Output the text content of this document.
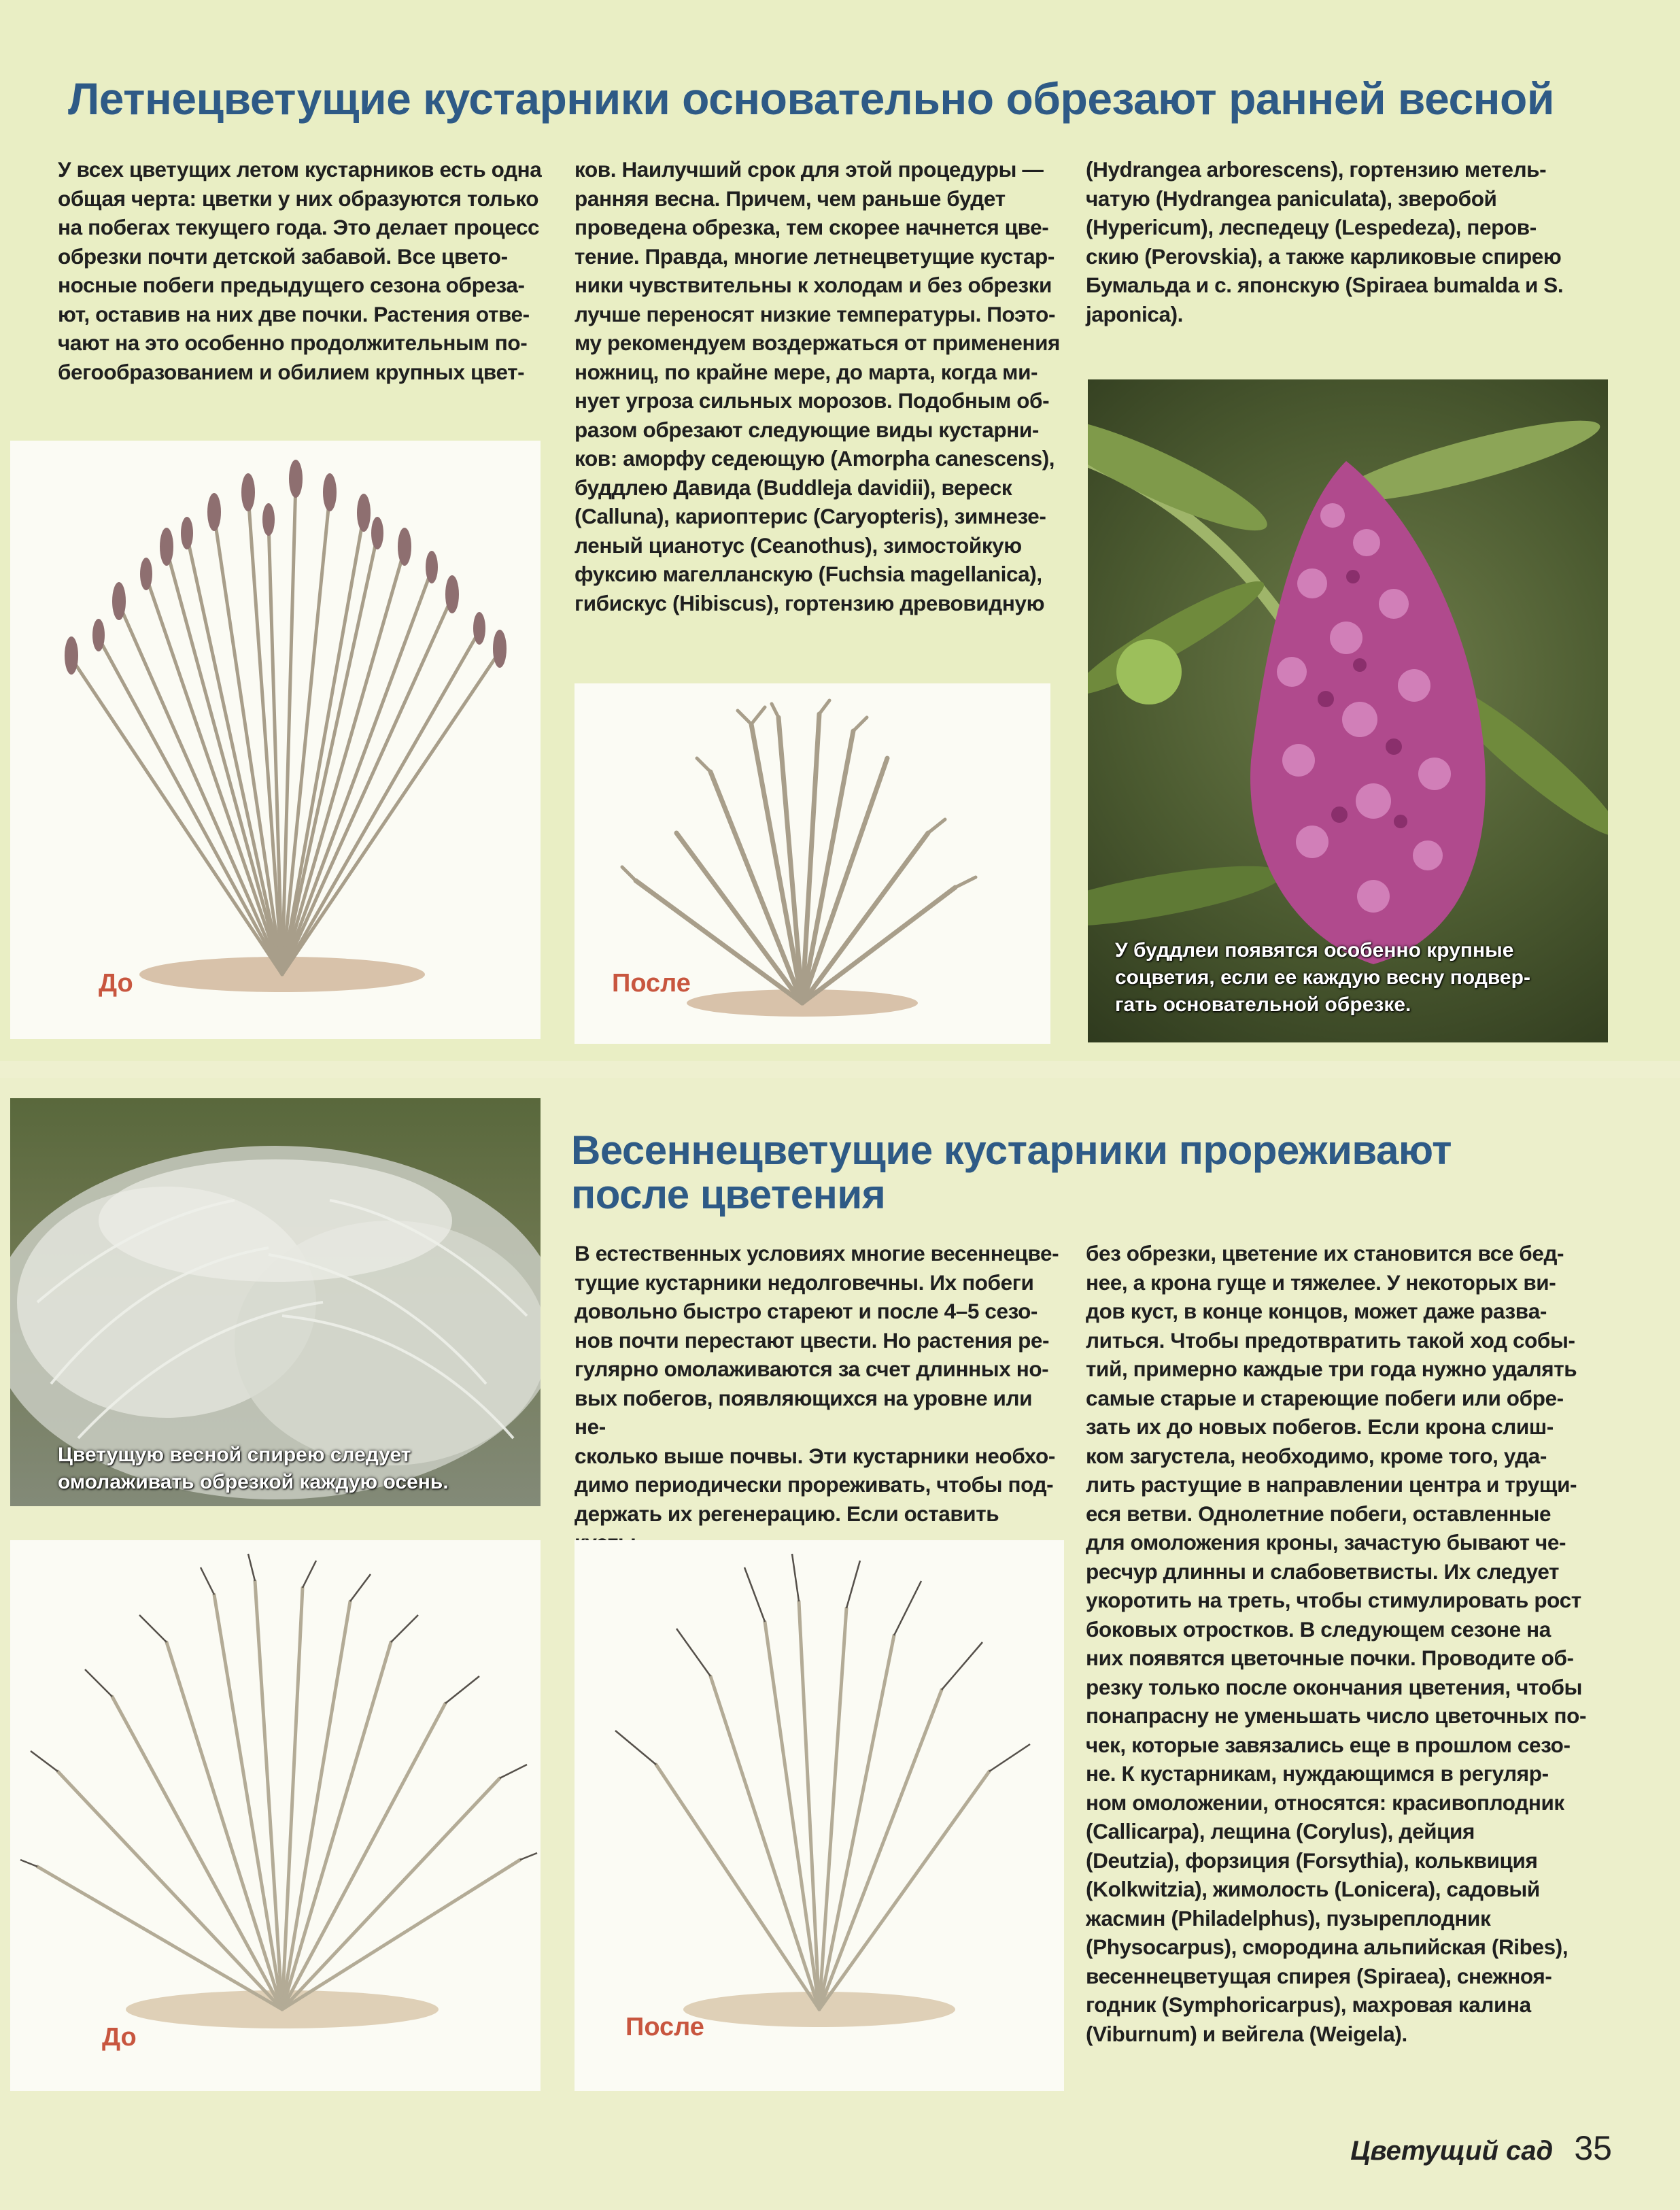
Летнецветущие кустарники основательно обрезают ранней весной
У всех цветущих летом кустарников есть одна
общая черта: цветки у них образуются только
на побегах текущего года. Это делает процесс
обрезки почти детской забавой. Все цвето-
носные побеги предыдущего сезона обреза-
ют, оставив на них две почки. Растения отве-
чают на это особенно продолжительным по-
бегообразованием и обилием крупных цвет-
ков. Наилучший срок для этой процедуры —
ранняя весна. Причем, чем раньше будет
проведена обрезка, тем скорее начнется цве-
тение. Правда, многие летнецветущие кустар-
ники чувствительны к холодам и без обрезки
лучше переносят низкие температуры. Поэто-
му рекомендуем воздержаться от применения
ножниц, по крайне мере, до марта, когда ми-
нует угроза сильных морозов. Подобным об-
разом обрезают следующие виды кустарни-
ков: аморфу седеющую (Amorpha canescens),
буддлею Давида (Buddleja davidii), вереск
(Calluna), кариоптерис (Caryopteris), зимнезе-
леный цианотус (Ceanothus), зимостойкую
фуксию магелланскую (Fuchsia magellanica),
гибискус (Hibiscus), гортензию древовидную
(Hydrangea arborescens), гортензию метель-
чатую (Hydrangea paniculata), зверобой
(Hypericum), леспедецу (Lespedeza), перов-
скию (Perovskia), а также карликовые спирею
Бумальда и с. японскую (Spiraea bumalda и S.
japonica).
До	После
У буддлеи появятся особенно крупные
соцветия, если ее каждую весну подвер-
гать основательной обрезке.
Цветущую весной спирею следует
омолаживать обрезкой каждую осень.
Весеннецветущие кустарники прореживают
после цветения
В естественных условиях многие весеннецве-
тущие кустарники недолговечны. Их побеги
довольно быстро стареют и после 4–5 сезо-
нов почти перестают цвести. Но растения ре-
гулярно омолаживаются за счет длинных но-
вых побегов, появляющихся на уровне или не-
сколько выше почвы. Эти кустарники необхо-
димо периодически прореживать, чтобы под-
держать их регенерацию. Если оставить
без обрезки, цветение их становится все бед-
нее, а крона гуще и тяжелее. У некоторых ви-
дов куст, в конце концов, может даже развa-
литься. Чтобы предотвратить такой ход собы-
тий, примерно каждые три года нужно удалять
самые старые и стареющие побеги или обре-
зать их до новых побегов. Если крона слиш-
ком загустела, необходимо, кроме того, уда-
лить растущие в направлении центра и трущи-
еся ветви. Однолетние побеги, оставленные
для омоложения кроны, зачастую бывают че-
ресчур длинны и слабоветвисты. Их следует
укоротить на треть, чтобы стимулировать рост
боковых отростков. В следующем сезоне на
них появятся цветочные почки. Проводите об-
резку только после окончания цветения, чтобы
понапрасну не уменьшать число цветочных по-
чек, которые завязались еще в прошлом сезо-
не. К кустарникам, нуждающимся в регуляр-
ном омоложении, относятся: красивоплодник
(Callicarpa), лещина (Corylus), дейция
(Deutzia), форзиция (Forsythia), кольквиция
(Kolkwitzia), жимолость (Lonicera), садовый
жасмин (Philadelphus), пузыреплодник
(Physocarpus), смородина альпийская (Ribes),
весеннецветущая спирея (Spiraea), снежноя-
годник (Symphoricarpus), махровая калина
(Viburnum) и вейгела (Weigela).
До	После
Цветущий сад 35
